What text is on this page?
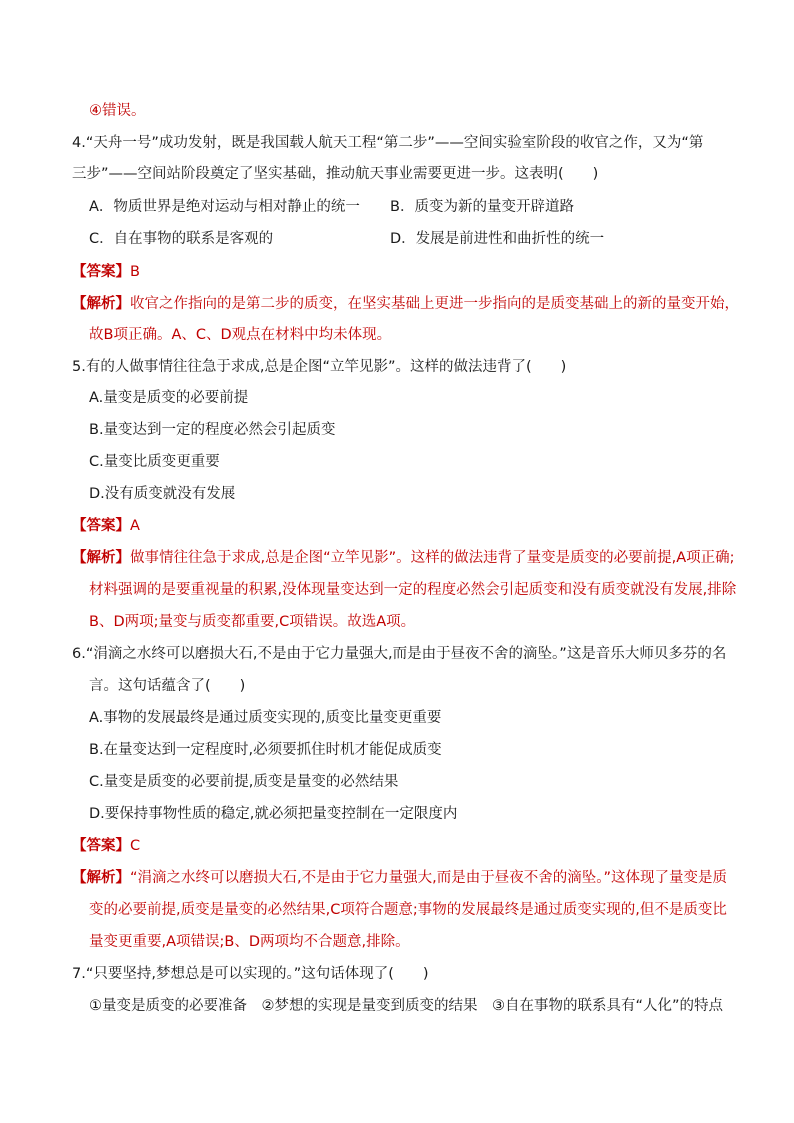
④错误。
4.“天舟一号”成功发射，既是我国载人航天工程“第二步”——空间实验室阶段的收官之作，又为“第
三步”——空间站阶段奠定了坚实基础，推动航天事业需要更进一步。这表明(　　)
A．物质世界是绝对运动与相对静止的统一 B．质变为新的量变开辟道路
C．自在事物的联系是客观的	D．发展是前进性和曲折性的统一
【答案】B
【解析】收官之作指向的是第二步的质变，在坚实基础上更进一步指向的是质变基础上的新的量变开始，
故B项正确。A、C、D观点在材料中均未体现。
5.有的人做事情往往急于求成,总是企图“立竿见影”。这样的做法违背了(　　)
A.量变是质变的必要前提
B.量变达到一定的程度必然会引起质变
C.量变比质变更重要
D.没有质变就没有发展
【答案】A
【解析】做事情往往急于求成,总是企图“立竿见影”。这样的做法违背了量变是质变的必要前提,A项正确;
材料强调的是要重视量的积累,没体现量变达到一定的程度必然会引起质变和没有质变就没有发展,排除
B、D两项;量变与质变都重要,C项错误。故选A项。
6.“涓滴之水终可以磨损大石,不是由于它力量强大,而是由于昼夜不舍的滴坠。”这是音乐大师贝多芬的名
言。这句话蕴含了(　　)
A.事物的发展最终是通过质变实现的,质变比量变更重要
B.在量变达到一定程度时,必须要抓住时机才能促成质变
C.量变是质变的必要前提,质变是量变的必然结果
D.要保持事物性质的稳定,就必须把量变控制在一定限度内
【答案】C
【解析】“涓滴之水终可以磨损大石,不是由于它力量强大,而是由于昼夜不舍的滴坠。”这体现了量变是质
变的必要前提,质变是量变的必然结果,C项符合题意;事物的发展最终是通过质变实现的,但不是质变比
量变更重要,A项错误;B、D两项均不合题意,排除。
7.“只要坚持,梦想总是可以实现的。”这句话体现了(　　)
①量变是质变的必要准备　②梦想的实现是量变到质变的结果　③自在事物的联系具有“人化”的特点
